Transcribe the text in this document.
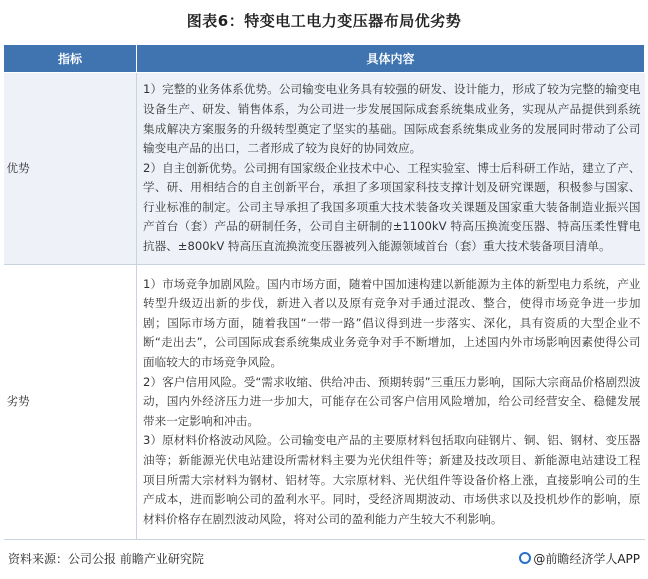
图表6：特变电工电力变压器布局优劣势
指标	具体内容
优势	1）完整的业务体系优势。公司输变电业务具有较强的研发、设计能力，形成了较为完整的输变电设备生产、研发、销售体系，为公司进一步发展国际成套系统集成业务，实现从产品提供到系统集成解决方案服务的升级转型奠定了坚实的基础。国际成套系统集成业务的发展同时带动了公司输变电产品的出口，二者形成了较为良好的协同效应。

2）自主创新优势。公司拥有国家级企业技术中心、工程实验室、博士后科研工作站，建立了产、学、研、用相结合的自主创新平台，承担了多项国家科技支撑计划及研究课题，积极参与国家、行业标准的制定。公司主导承担了我国多项重大技术装备攻关课题及国家重大装备制造业振兴国产首台（套）产品的研制任务，公司自主研制的±1100kV 特高压换流变压器、特高压柔性臂电抗器、±800kV 特高压直流换流变压器被列入能源领域首台（套）重大技术装备项目清单。

劣势	1）市场竞争加剧风险。国内市场方面，随着中国加速构建以新能源为主体的新型电力系统，产业转型升级迈出新的步伐，新进入者以及原有竞争对手通过混改、整合，使得市场竞争进一步加剧；国际市场方面，随着我国“一带一路”倡议得到进一步落实、深化，具有资质的大型企业不断“走出去”，公司国际成套系统集成业务竞争对手不断增加，上述国内外市场影响因素使得公司面临较大的市场竞争风险。

2）客户信用风险。受“需求收缩、供给冲击、预期转弱”三重压力影响，国际大宗商品价格剧烈波动，国内外经济压力进一步加大，可能存在公司客户信用风险增加，给公司经营安全、稳健发展带来一定影响和冲击。

3）原材料价格波动风险。公司输变电产品的主要原材料包括取向硅钢片、铜、铝、钢材、变压器油等；新能源光伏电站建设所需材料主要为光伏组件等；新建及技改项目、新能源电站建设工程项目所需大宗材料为钢材、铝材等。大宗原材料、光伏组件等设备价格上涨，直接影响公司的生产成本，进而影响公司的盈利水平。同时，受经济周期波动、市场供求以及投机炒作的影响，原材料价格存在剧烈波动风险，将对公司的盈利能力产生较大不利影响。

资料来源：公司公报 前瞻产业研究院	@前瞻经济学人APP
